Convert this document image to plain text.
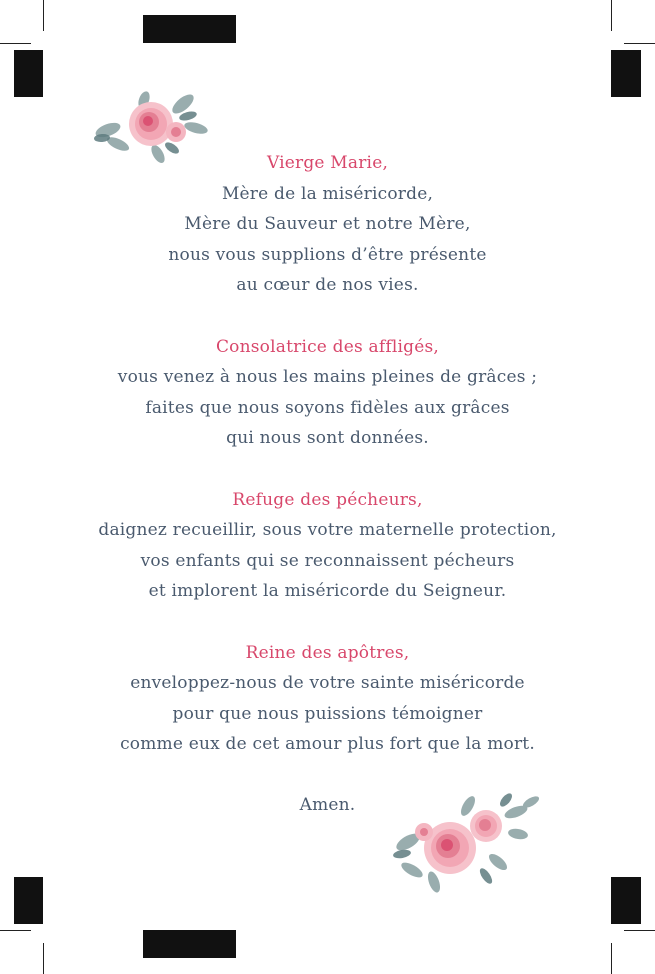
Vierge Marie,
Mère de la miséricorde,
Mère du Sauveur et notre Mère,
nous vous supplions d’être présente
au cœur de nos vies.
Consolatrice des affligés,
vous venez à nous les mains pleines de grâces ;
faites que nous soyons fidèles aux grâces
qui nous sont données.
Refuge des pécheurs,
daignez recueillir, sous votre maternelle protection,
vos enfants qui se reconnaissent pécheurs
et implorent la miséricorde du Seigneur.
Reine des apôtres,
enveloppez-nous de votre sainte miséricorde
pour que nous puissions témoigner
comme eux de cet amour plus fort que la mort.
Amen.
